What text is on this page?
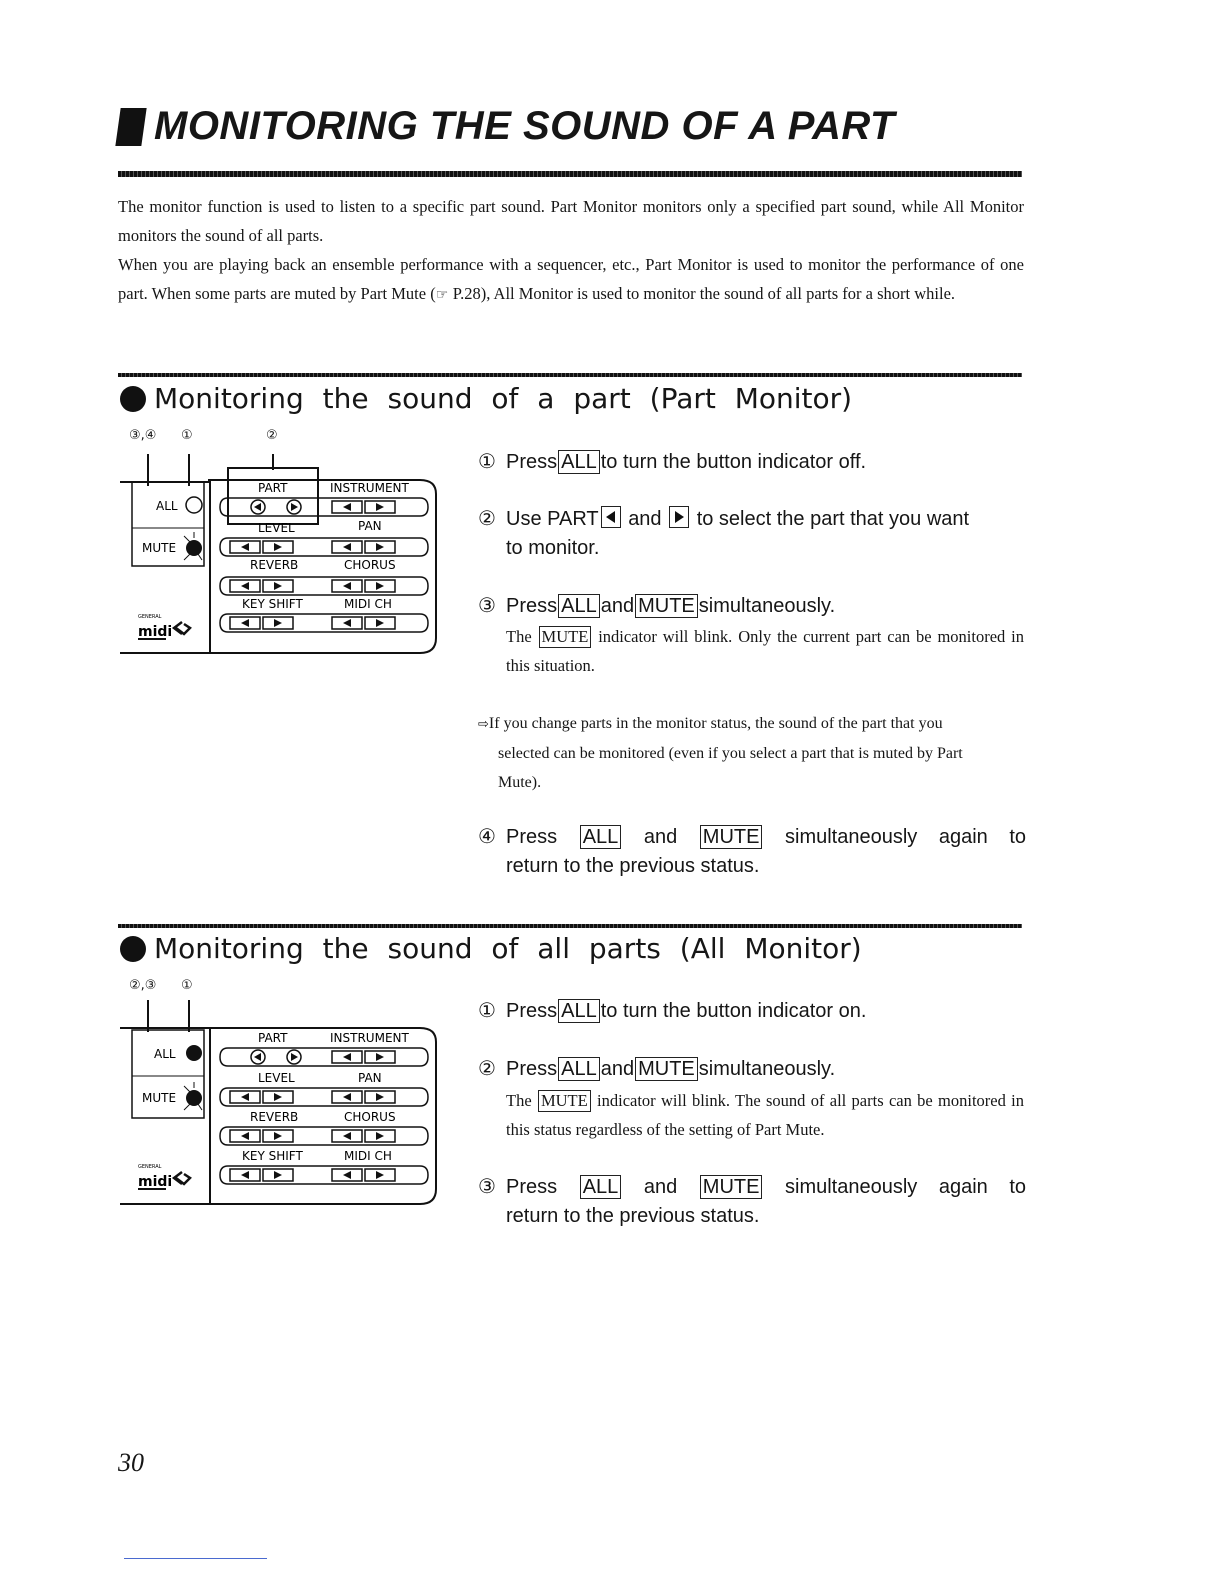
MONITORING THE SOUND OF A PART

The monitor function is used to listen to a specific part sound. Part Monitor monitors only a specified part sound, while All Monitor monitors the sound of all parts.

When you are playing back an ensemble performance with a sequencer, etc., Part Monitor is used to monitor the performance of one part. When some parts are muted by Part Mute (☞ P.28), All Monitor is used to monitor the sound of all parts for a short while.

Monitoring the sound of a part (Part Monitor)
③,④ ①	②
ALL
MUTE
PART	INSTRUMENT
LEVEL	PAN
REVERB	CHORUS
KEY SHIFT	MIDI CH
GENERAL
midi
① Press ALL to turn the button indicator off.
② Use PART and to select the part that you want
to monitor.
③ Press ALL and MUTE simultaneously.
The MUTE indicator will blink. Only the current part can be monitored in this situation.
⇨If you change parts in the monitor status, the sound of the part that you
selected can be monitored (even if you select a part that is muted by Part
Mute).
④ Press ALL and MUTE simultaneously again to
return to the previous status.
Monitoring the sound of all parts (All Monitor)
②,③ ①
ALL
MUTE
PART	INSTRUMENT
LEVEL	PAN
REVERB	CHORUS
KEY SHIFT	MIDI CH
GENERAL
midi
① Press ALL to turn the button indicator on.
② Press ALL and MUTE simultaneously.
The MUTE indicator will blink. The sound of all parts can be monitored in this status regardless of the setting of Part Mute.
③ Press ALL and MUTE simultaneously again to
return to the previous status.
30
